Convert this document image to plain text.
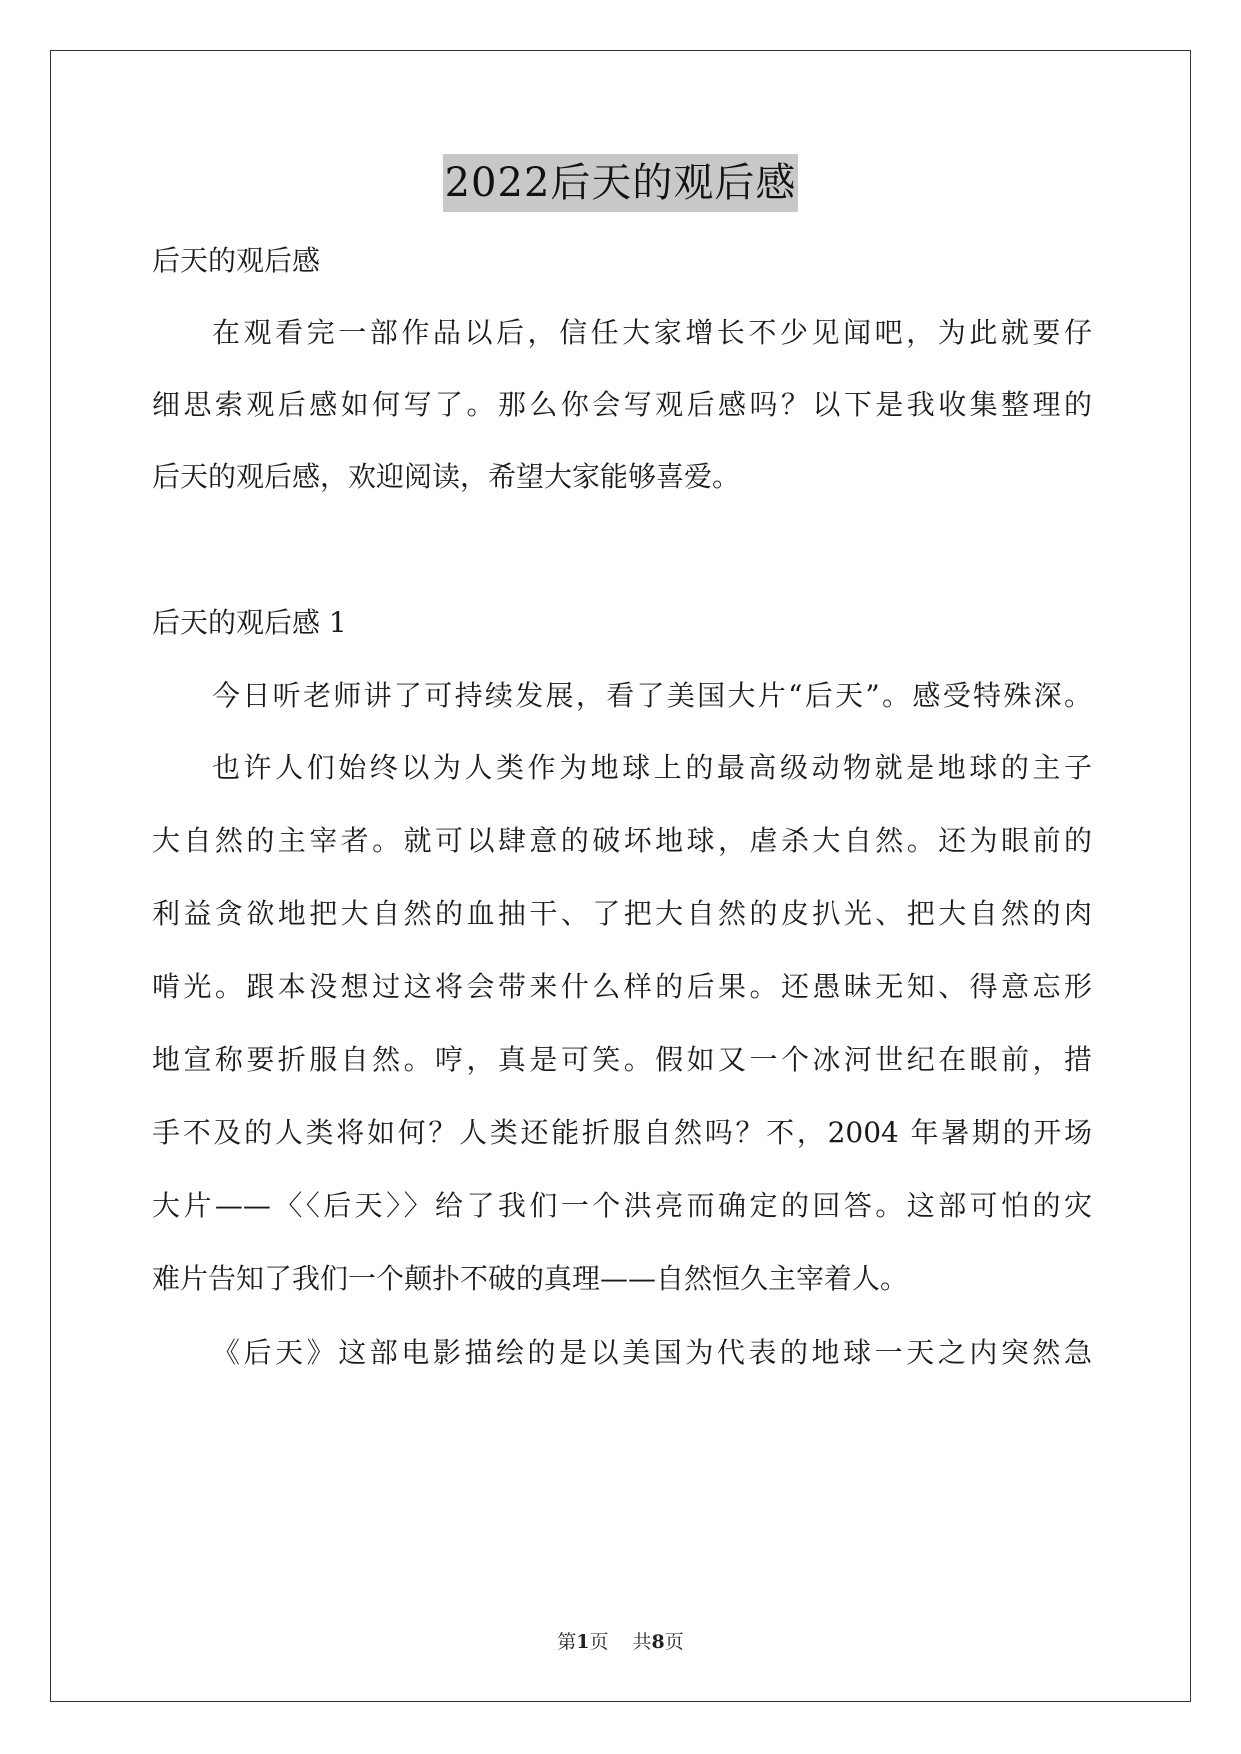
2022后天的观后感
后天的观后感
在观看完一部作品以后，信任大家增长不少见闻吧，为此就要仔
细思索观后感如何写了。那么你会写观后感吗？以下是我收集整理的
后天的观后感，欢迎阅读，希望大家能够喜爱。
后天的观后感 1
今日听老师讲了可持续发展，看了美国大片“后天”。感受特殊深。
也许人们始终以为人类作为地球上的最高级动物就是地球的主子
大自然的主宰者。就可以肆意的破坏地球，虐杀大自然。还为眼前的
利益贪欲地把大自然的血抽干、了把大自然的皮扒光、把大自然的肉
啃光。跟本没想过这将会带来什么样的后果。还愚昧无知、得意忘形
地宣称要折服自然。哼，真是可笑。假如又一个冰河世纪在眼前，措
手不及的人类将如何？人类还能折服自然吗？不，2004 年暑期的开场
大片——〈〈后天〉〉给了我们一个洪亮而确定的回答。这部可怕的灾
难片告知了我们一个颠扑不破的真理——自然恒久主宰着人。
《后天》这部电影描绘的是以美国为代表的地球一天之内突然急
第1页 共8页
